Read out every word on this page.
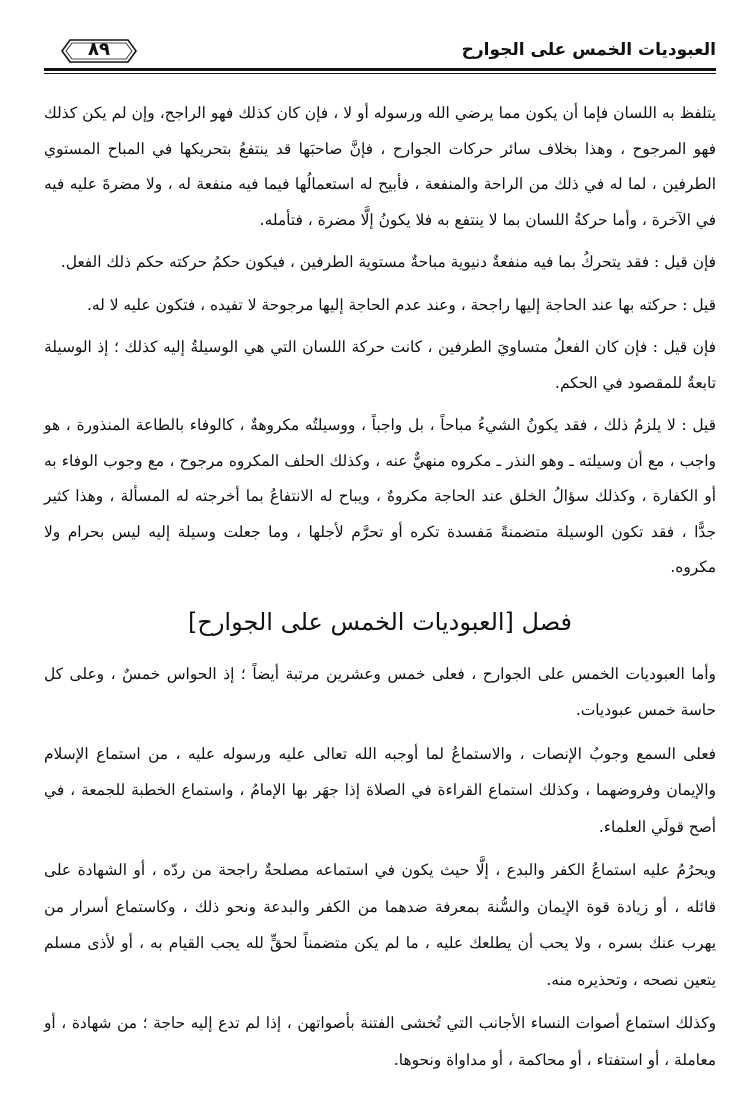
العبوديات الخمس على الجوارح
٨٩

يتلفظ به اللسان فإما أن يكون مما يرضي الله ورسوله أو لا ، فإن كان كذلك فهو الراجح، وإن لم يكن كذلك فهو المرجوح ، وهذا بخلاف سائر حركات الجوارح ، فإنَّ صاحبَها قد ينتفعُ بتحريكها في المباح المستوي الطرفين ، لما له في ذلك من الراحة والمنفعة ، فأبيح له استعمالُها فيما فيه منفعة له ، ولا مضرةَ عليه فيه في الآخرة ، وأما حركةُ اللسان بما لا ينتفع به فلا يكونُ إلَّا مضرة ، فتأمله.

فإن قيل : فقد يتحركُ بما فيه منفعةٌ دنيوية مباحةٌ مستوية الطرفين ، فيكون حكمُ حركته حكم ذلك الفعل.

قيل : حركته بها عند الحاجة إليها راجحة ، وعند عدم الحاجة إليها مرجوحة لا تفيده ، فتكون عليه لا له.

فإن قيل : فإن كان الفعلُ متساويَ الطرفين ، كانت حركة اللسان التي هي الوسيلةُ إليه كذلك ؛ إذ الوسيلة تابعةٌ للمقصود في الحكم.

قيل : لا يلزمُ ذلك ، فقد يكونُ الشيءُ مباحاً ، بل واجباً ، ووسيلتُه مكروهةٌ ، كالوفاء بالطاعة المنذورة ، هو واجب ، مع أن وسيلته ـ وهو النذر ـ مكروه منهيٌّ عنه ، وكذلك الحلف المكروه مرجوح ، مع وجوب الوفاء به أو الكفارة ، وكذلك سؤالُ الخلق عند الحاجة مكروهٌ ، ويباح له الانتفاعُ بما أخرجته له المسألة ، وهذا كثير جدًّا ، فقد تكون الوسيلة متضمنةً مَفسدة تكره أو تحرَّم لأجلها ، وما جعلت وسيلة إليه ليس بحرام ولا مكروه.

فصل [العبوديات الخمس على الجوارح]

وأما العبوديات الخمس على الجوارح ، فعلى خمس وعشرين مرتبة أيضاً ؛ إذ الحواس خمسٌ ، وعلى كل حاسة خمس عبوديات.

فعلى السمع وجوبُ الإنصات ، والاستماعُ لما أوجبه الله تعالى عليه ورسوله عليه ، من استماع الإسلام والإيمان وفروضهما ، وكذلك استماع القراءة في الصلاة إذا جهَر بها الإمامُ ، واستماع الخطبة للجمعة ، في أصح قولَي العلماء.

ويحرُمُ عليه استماعُ الكفر والبدع ، إلَّا حيث يكون في استماعه مصلحةٌ راجحة من ردّه ، أو الشهادة على قائله ، أو زيادة قوة الإيمان والسُّنة بمعرفة ضدهما من الكفر والبدعة ونحو ذلك ، وكاستماع أسرار من يهرب عنك بسره ، ولا يحب أن يطلعك عليه ، ما لم يكن متضمناً لحقٍّ لله يجب القيام به ، أو لأذى مسلم يتعين نصحه ، وتحذيره منه.

وكذلك استماع أصوات النساء الأجانب التي تُخشى الفتنة بأصواتهن ، إذا لم تدع إليه حاجة ؛ من شهادة ، أو معاملة ، أو استفتاء ، أو محاكمة ، أو مداواة ونحوها.
